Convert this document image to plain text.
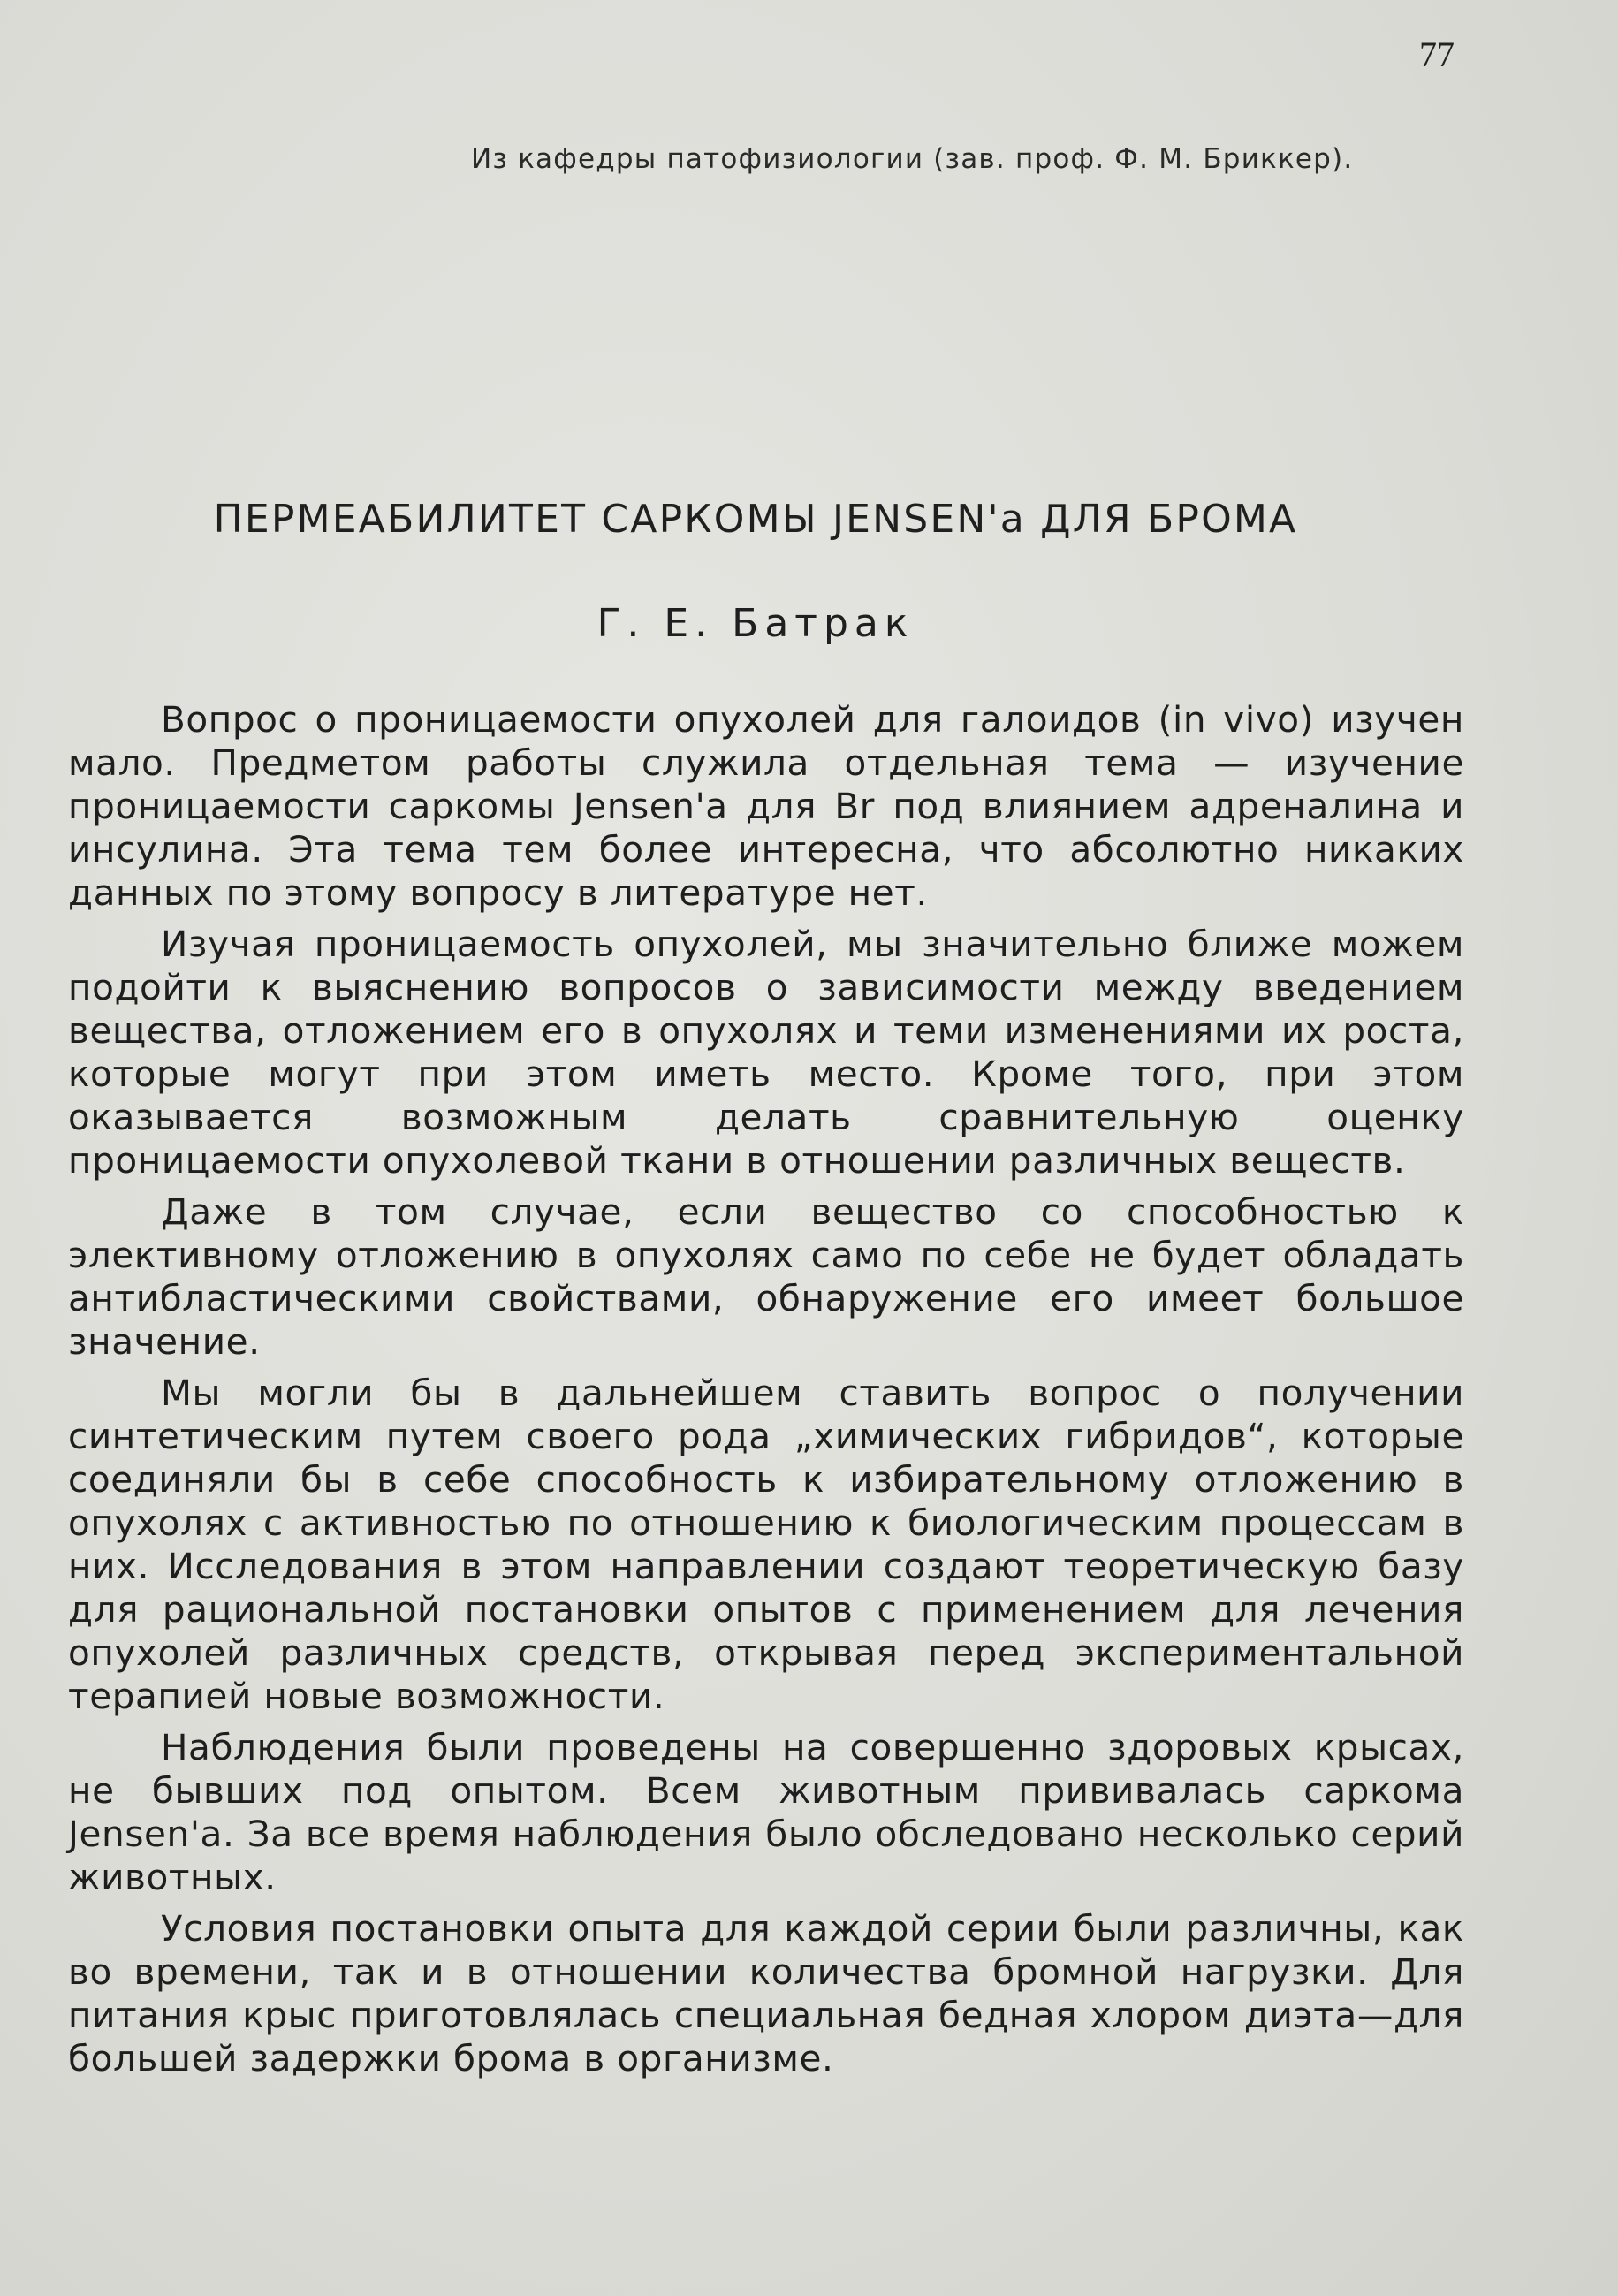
77
Из кафедры патофизиологии (зав. проф. Ф. М. Бриккер).
ПЕРМЕАБИЛИТЕТ САРКОМЫ JENSEN'а ДЛЯ БРОМА
Г. Е. Батрак

Вопрос о проницаемости опухолей для галоидов (in vivo) изучен мало. Предметом работы служила отдельная тема — изучение проницаемости саркомы Jensen'а для Br под влиянием адреналина и инсулина. Эта тема тем более интересна, что абсолютно никаких данных по этому вопросу в литературе нет.

Изучая проницаемость опухолей, мы значительно ближе можем подойти к выяснению вопросов о зависимости между введением вещества, отложением его в опухолях и теми изменениями их роста, которые могут при этом иметь место. Кроме того, при этом оказывается возможным делать сравнительную оценку проницаемости опухолевой ткани в отношении различных веществ.

Даже в том случае, если вещество со способностью к элективному отложению в опухолях само по себе не будет обладать антибластическими свойствами, обнаружение его имеет большое значение.

Мы могли бы в дальнейшем ставить вопрос о получении синтетическим путем своего рода „химических гибридов“, которые соединяли бы в себе способность к избирательному отложению в опухолях с активностью по отношению к биологическим процессам в них. Исследования в этом направлении создают теоретическую базу для рациональной постановки опытов с применением для лечения опухолей различных средств, открывая перед экспериментальной терапией новые возможности.

Наблюдения были проведены на совершенно здоровых крысах, не бывших под опытом. Всем животным прививалась саркома Jensen'а. За все время наблюдения было обследовано несколько серий животных.

Условия постановки опыта для каждой серии были различны, как во времени, так и в отношении количества бромной нагрузки. Для питания крыс приготовлялась специальная бедная хлором диэта—для большей задержки брома в организме.
